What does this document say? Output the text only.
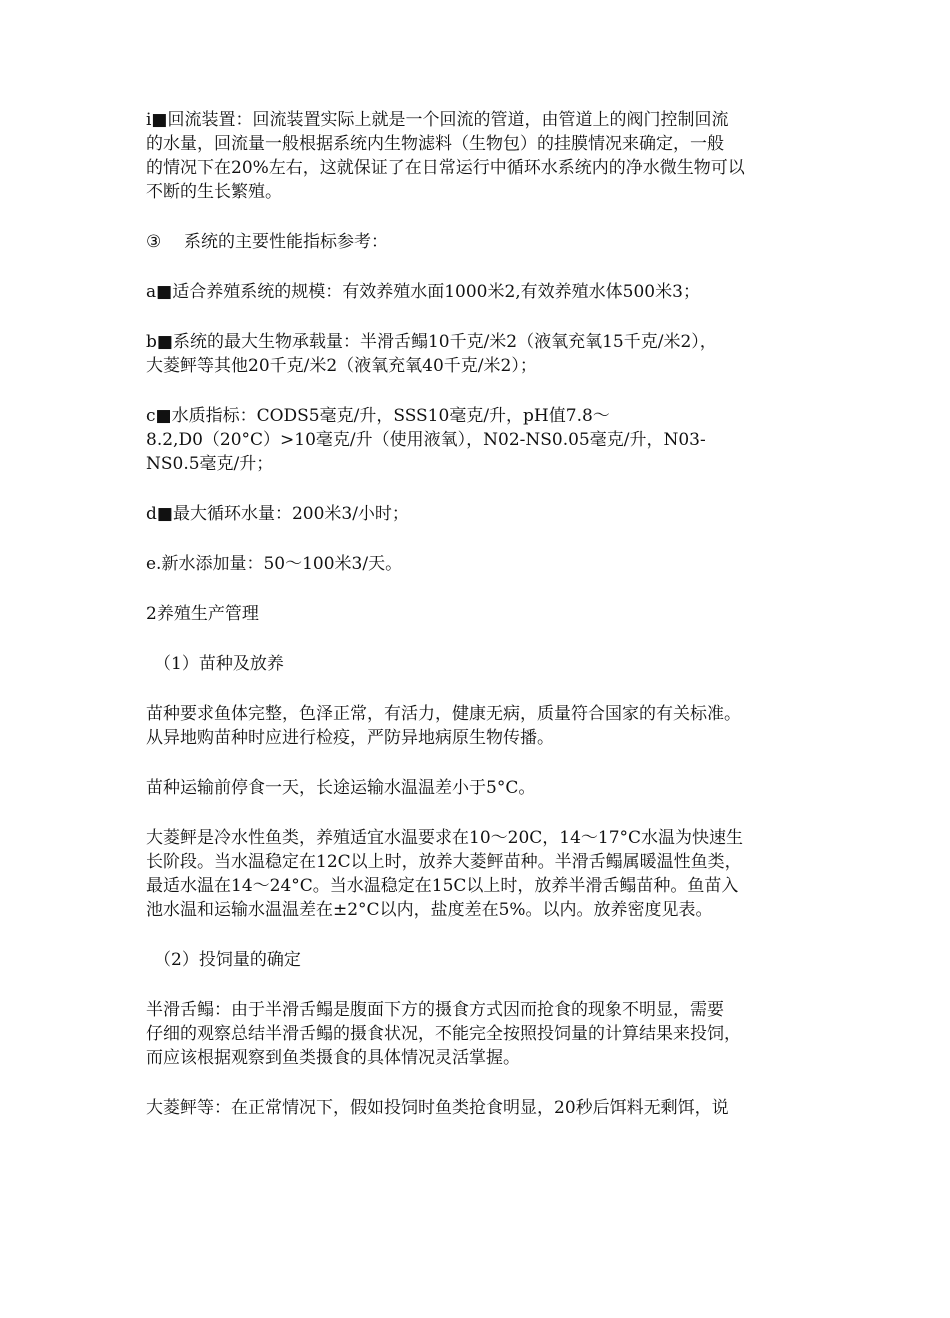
i■回流装置：回流装置实际上就是一个回流的管道，由管道上的阀门控制回流
的水量，回流量一般根据系统内生物滤料（生物包）的挂膜情况来确定，一般
的情况下在20%左右，这就保证了在日常运行中循环水系统内的净水微生物可以
不断的生长繁殖。
③ 系统的主要性能指标参考：
a■适合养殖系统的规模：有效养殖水面1000米2,有效养殖水体500米3；
b■系统的最大生物承载量：半滑舌鳎10千克/米2（液氧充氧15千克/米2），
大菱鲆等其他20千克/米2（液氧充氧40千克/米2）；
c■水质指标：CODS5毫克/升，SSS10毫克/升，pH值7.8〜
8.2,D0（20°C）>10毫克/升（使用液氧），N02-NS0.05毫克/升，N03-
NS0.5毫克/升；
d■最大循环水量：200米3/小时；
e.新水添加量：50〜100米3/天。
2养殖生产管理
（1）苗种及放养
苗种要求鱼体完整，色泽正常，有活力，健康无病，质量符合国家的有关标准。
从异地购苗种时应进行检疫，严防异地病原生物传播。
苗种运输前停食一天，长途运输水温温差小于5°C。
大菱鲆是冷水性鱼类，养殖适宜水温要求在10〜20C，14〜17°C水温为快速生
长阶段。当水温稳定在12C以上时，放养大菱鲆苗种。半滑舌鳎属暖温性鱼类，
最适水温在14〜24°C。当水温稳定在15C以上时，放养半滑舌鳎苗种。鱼苗入
池水温和运输水温温差在±2°C以内，盐度差在5%。以内。放养密度见表。
（2）投饲量的确定
半滑舌鳎：由于半滑舌鳎是腹面下方的摄食方式因而抢食的现象不明显，需要
仔细的观察总结半滑舌鳎的摄食状况，不能完全按照投饲量的计算结果来投饲，
而应该根据观察到鱼类摄食的具体情况灵活掌握。
大菱鲆等：在正常情况下，假如投饲时鱼类抢食明显，20秒后饵料无剩饵，说
